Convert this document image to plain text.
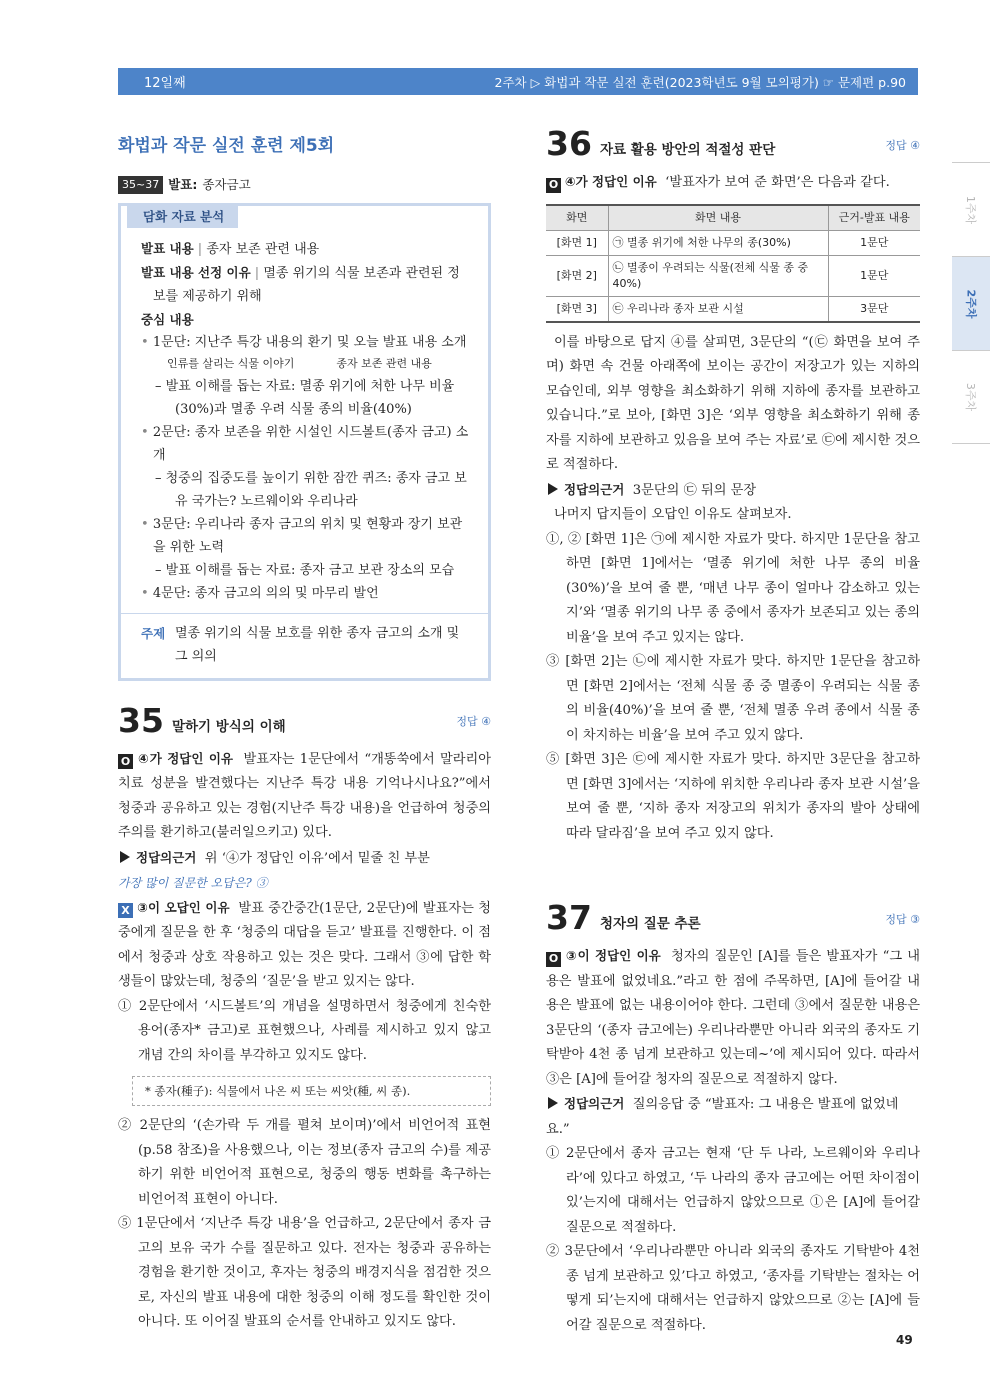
12일째	2주차 ▷ 화법과 작문 실전 훈련(2023학년도 9월 모의평가) ☞ 문제편 p.90
1주차
2주차
3주차
화법과 작문 실전 훈련 제5회
35~37 발표: 종자금고
담화 자료 분석
발표 내용 | 종자 보존 관련 내용
발표 내용 선정 이유 | 멸종 위기의 식물 보존과 관련된 정보를 제공하기 위해
중심 내용
• 1문단: 지난주 특강 내용의 환기 및 오늘 발표 내용 소개
인류를 살리는 식물 이야기	종자 보존 관련 내용
– 발표 이해를 돕는 자료: 멸종 위기에 처한 나무 비율(30%)과 멸종 우려 식물 종의 비율(40%)
• 2문단: 종자 보존을 위한 시설인 시드볼트(종자 금고) 소개
– 청중의 집중도를 높이기 위한 잠깐 퀴즈: 종자 금고 보유 국가는? 노르웨이와 우리나라
• 3문단: 우리나라 종자 금고의 위치 및 현황과 장기 보관을 위한 노력
– 발표 이해를 돕는 자료: 종자 금고 보관 장소의 모습
• 4문단: 종자 금고의 의의 및 마무리 발언
주제 멸종 위기의 식물 보호를 위한 종자 금고의 소개 및 그 의의
35 말하기 방식의 이해	정답 ④
O ④가 정답인 이유 발표자는 1문단에서 “개똥쑥에서 말라리아 치료 성분을 발견했다는 지난주 특강 내용 기억나시나요?”에서 청중과 공유하고 있는 경험(지난주 특강 내용)을 언급하여 청중의 주의를 환기하고(불러일으키고) 있다.
정답의근거 위 ‘④가 정답인 이유’에서 밑줄 친 부분
가장 많이 질문한 오답은? ③
X ③이 오답인 이유 발표 중간중간(1문단, 2문단)에 발표자는 청중에게 질문을 한 후 ‘청중의 대답을 듣고’ 발표를 진행한다. 이 점에서 청중과 상호 작용하고 있는 것은 맞다. 그래서 ③에 답한 학생들이 많았는데, 청중의 ‘질문’을 받고 있지는 않다.
① 2문단에서 ‘시드볼트’의 개념을 설명하면서 청중에게 친숙한 용어(종자* 금고)로 표현했으나, 사례를 제시하고 있지 않고 개념 간의 차이를 부각하고 있지도 않다.
* 종자(種子): 식물에서 나온 씨 또는 씨앗(種, 씨 종).
② 2문단의 ‘(손가락 두 개를 펼쳐 보이며)’에서 비언어적 표현(p.58 참조)을 사용했으나, 이는 정보(종자 금고의 수)를 제공하기 위한 비언어적 표현으로, 청중의 행동 변화를 촉구하는 비언어적 표현이 아니다.
⑤ 1문단에서 ‘지난주 특강 내용’을 언급하고, 2문단에서 종자 금고의 보유 국가 수를 질문하고 있다. 전자는 청중과 공유하는 경험을 환기한 것이고, 후자는 청중의 배경지식을 점검한 것으로, 자신의 발표 내용에 대한 청중의 이해 정도를 확인한 것이 아니다. 또 이어질 발표의 순서를 안내하고 있지도 않다.
36 자료 활용 방안의 적절성 판단	정답 ④
O ④가 정답인 이유 ‘발표자가 보여 준 화면’은 다음과 같다.
화면	화면 내용	근거-발표 내용
[화면 1]	㉠ 멸종 위기에 처한 나무의 종(30%)	1문단
[화면 2]	㉡ 멸종이 우려되는 식물(전체 식물 종 중 40%)	1문단
[화면 3]	㉢ 우리나라 종자 보관 시설	3문단
이를 바탕으로 답지 ④를 살피면, 3문단의 “(㉢ 화면을 보여 주며) 화면 속 건물 아래쪽에 보이는 공간이 저장고가 있는 지하의 모습인데, 외부 영향을 최소화하기 위해 지하에 종자를 보관하고 있습니다.”로 보아, [화면 3]은 ‘외부 영향을 최소화하기 위해 종자를 지하에 보관하고 있음을 보여 주는 자료’로 ㉢에 제시한 것으로 적절하다.
정답의근거 3문단의 ㉢ 뒤의 문장
나머지 답지들이 오답인 이유도 살펴보자.
①, ② [화면 1]은 ㉠에 제시한 자료가 맞다. 하지만 1문단을 참고하면 [화면 1]에서는 ‘멸종 위기에 처한 나무 종의 비율(30%)’을 보여 줄 뿐, ‘매년 나무 종이 얼마나 감소하고 있는지’와 ‘멸종 위기의 나무 종 중에서 종자가 보존되고 있는 종의 비율’을 보여 주고 있지는 않다.
③ [화면 2]는 ㉡에 제시한 자료가 맞다. 하지만 1문단을 참고하면 [화면 2]에서는 ‘전체 식물 종 중 멸종이 우려되는 식물 종의 비율(40%)’을 보여 줄 뿐, ‘전체 멸종 우려 종에서 식물 종이 차지하는 비율’을 보여 주고 있지 않다.
⑤ [화면 3]은 ㉢에 제시한 자료가 맞다. 하지만 3문단을 참고하면 [화면 3]에서는 ‘지하에 위치한 우리나라 종자 보관 시설’을 보여 줄 뿐, ‘지하 종자 저장고의 위치가 종자의 발아 상태에 따라 달라짐’을 보여 주고 있지 않다.
37 청자의 질문 추론	정답 ③
O ③이 정답인 이유 청자의 질문인 [A]를 들은 발표자가 “그 내용은 발표에 없었네요.”라고 한 점에 주목하면, [A]에 들어갈 내용은 발표에 없는 내용이어야 한다. 그런데 ③에서 질문한 내용은 3문단의 ‘(종자 금고에는) 우리나라뿐만 아니라 외국의 종자도 기탁받아 4천 종 넘게 보관하고 있는데~’에 제시되어 있다. 따라서 ③은 [A]에 들어갈 청자의 질문으로 적절하지 않다.
정답의근거 질의응답 중 “발표자: 그 내용은 발표에 없었네요.”
① 2문단에서 종자 금고는 현재 ‘단 두 나라, 노르웨이와 우리나라’에 있다고 하였고, ‘두 나라의 종자 금고에는 어떤 차이점이 있’는지에 대해서는 언급하지 않았으므로 ①은 [A]에 들어갈 질문으로 적절하다.
② 3문단에서 ‘우리나라뿐만 아니라 외국의 종자도 기탁받아 4천 종 넘게 보관하고 있’다고 하였고, ‘종자를 기탁받는 절차는 어떻게 되’는지에 대해서는 언급하지 않았으므로 ②는 [A]에 들어갈 질문으로 적절하다.
49
